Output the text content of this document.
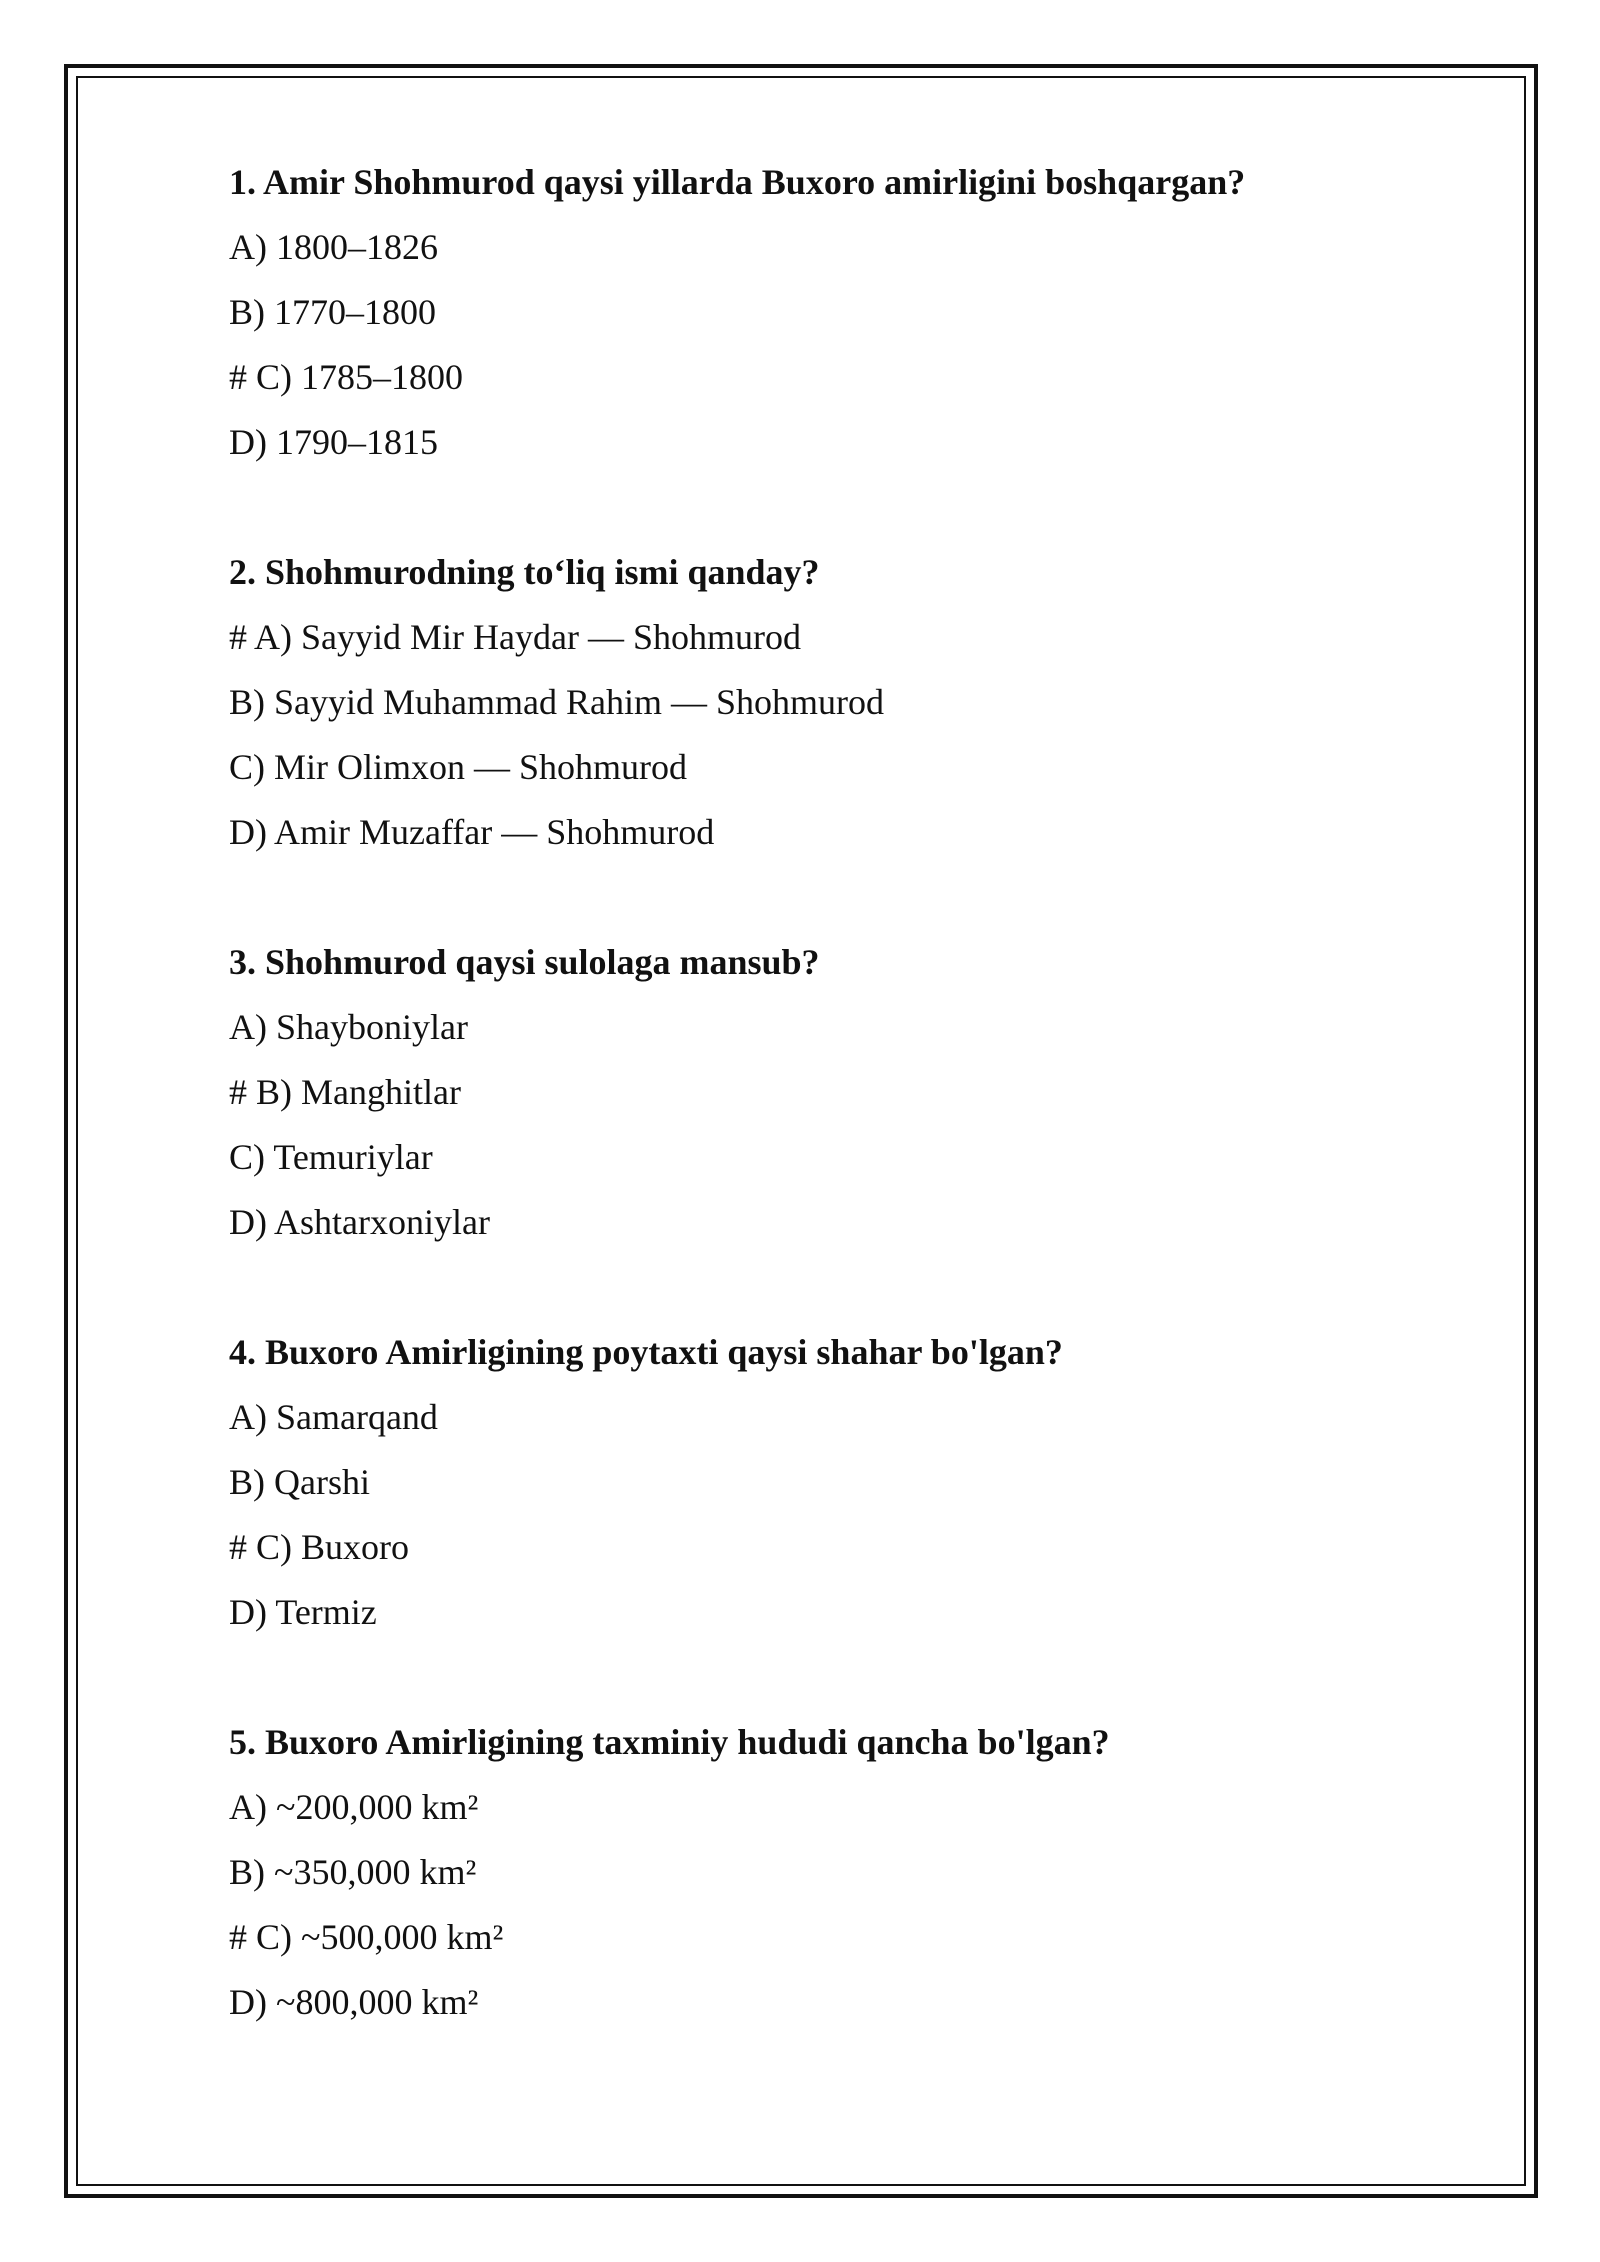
1. Amir Shohmurod qaysi yillarda Buxoro amirligini boshqargan?
A) 1800–1826
B) 1770–1800
# C) 1785–1800
D) 1790–1815
2. Shohmurodning to‘liq ismi qanday?
# A) Sayyid Mir Haydar — Shohmurod
B) Sayyid Muhammad Rahim — Shohmurod
C) Mir Olimxon — Shohmurod
D) Amir Muzaffar — Shohmurod
3. Shohmurod qaysi sulolaga mansub?
A) Shayboniylar
# B) Manghitlar
C) Temuriylar
D) Ashtarxoniylar
4. Buxoro Amirligining poytaxti qaysi shahar bo'lgan?
A) Samarqand
B) Qarshi
# C) Buxoro
D) Termiz
5. Buxoro Amirligining taxminiy hududi qancha bo'lgan?
A) ~200,000 km²
B) ~350,000 km²
# C) ~500,000 km²
D) ~800,000 km²
